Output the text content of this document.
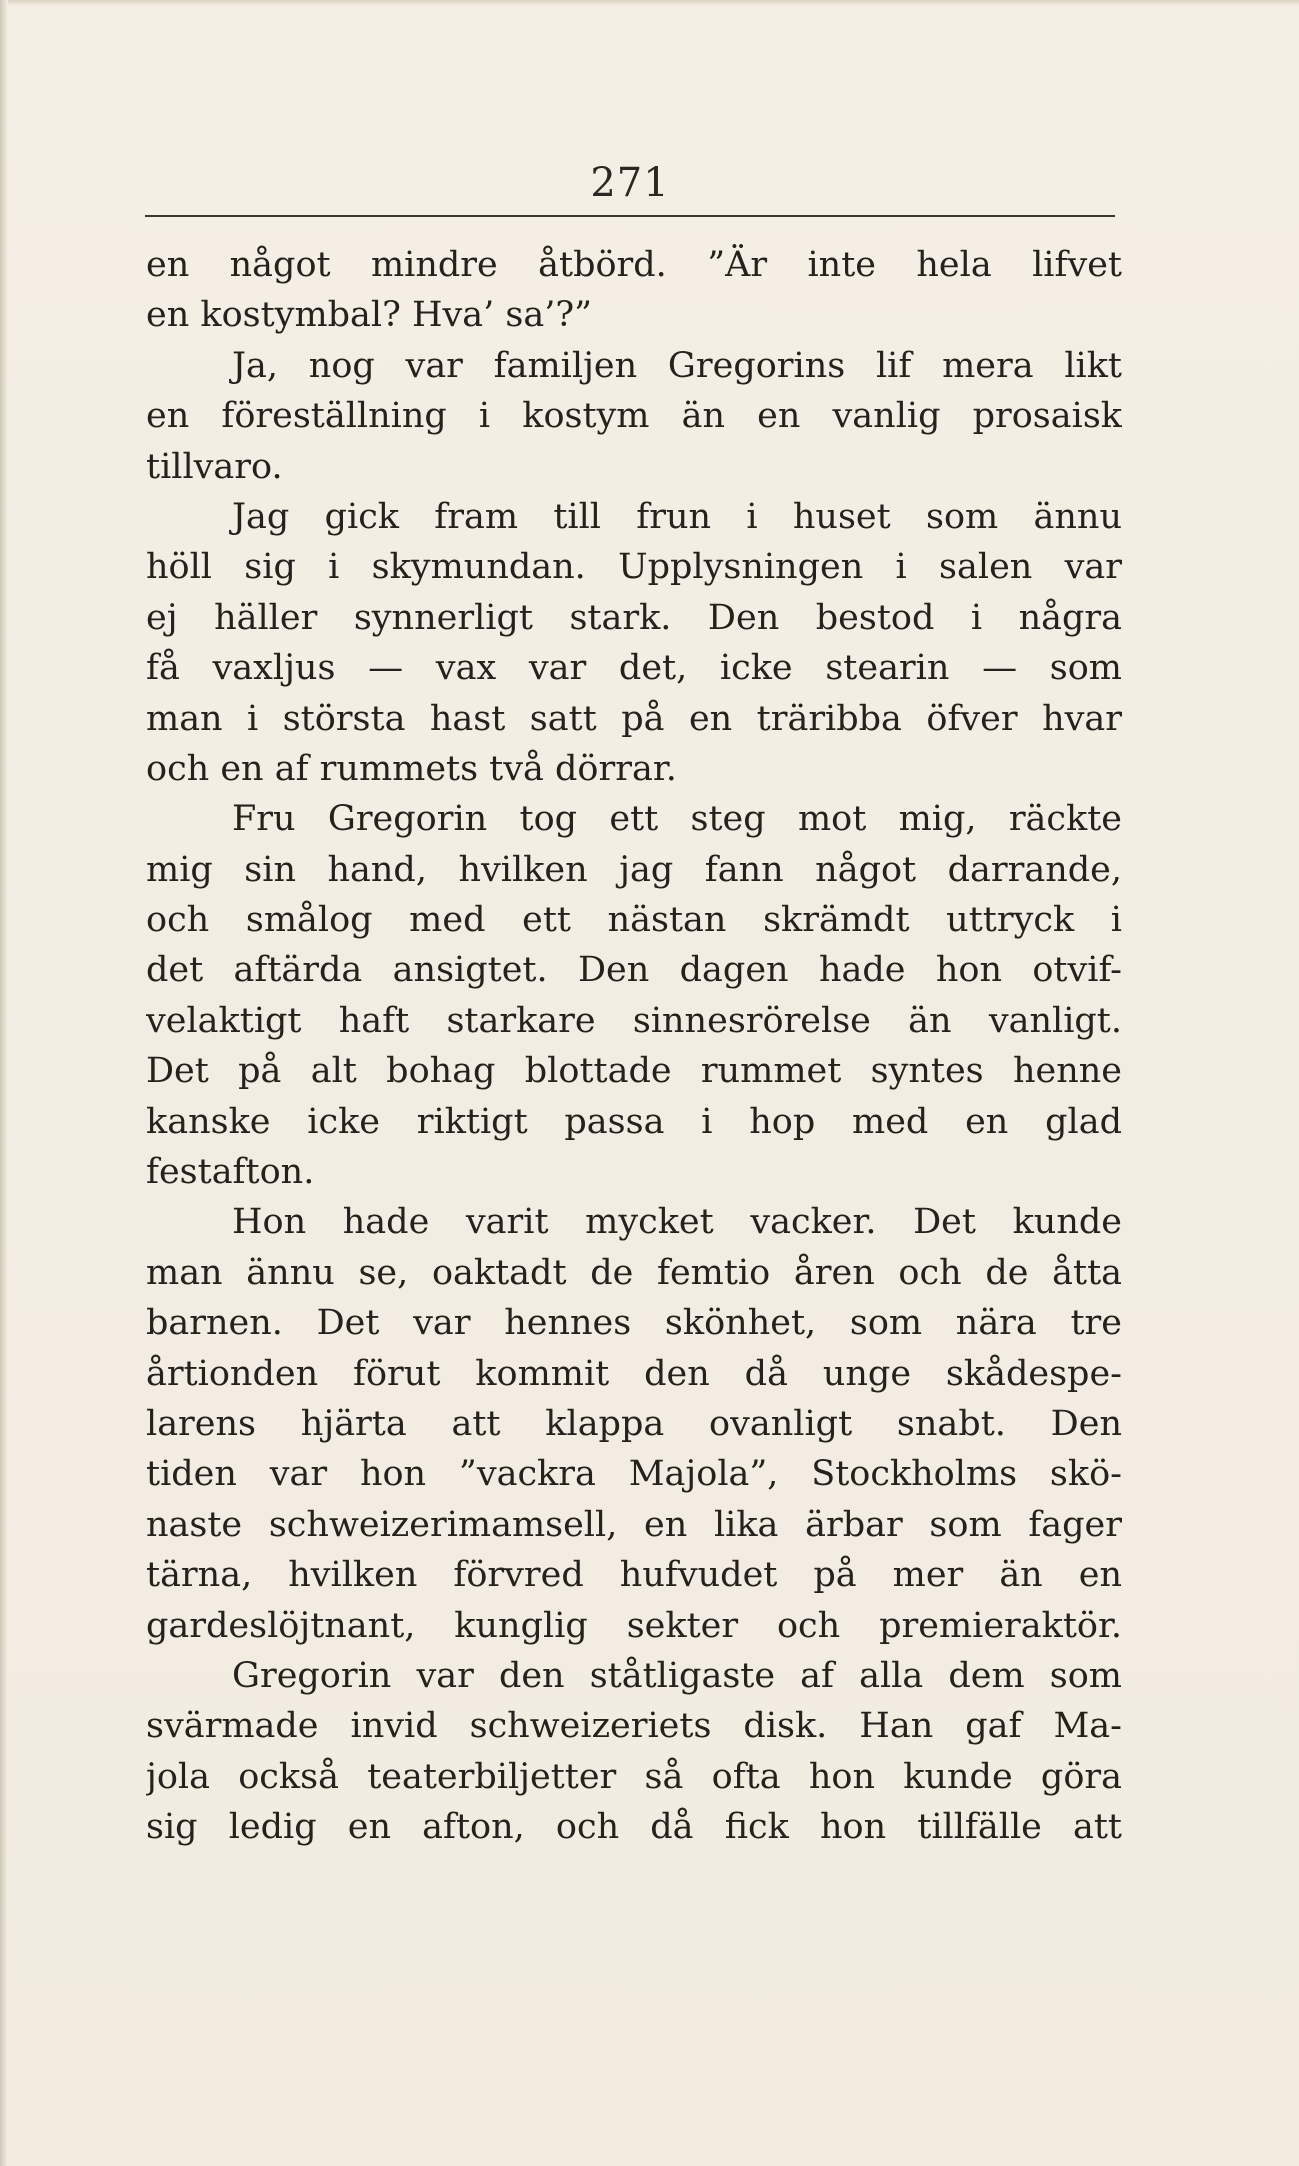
271
en något mindre åtbörd. ”Är inte hela lifvet
en kostymbal? Hva’ sa’?”
Ja, nog var familjen Gregorins lif mera likt
en föreställning i kostym än en vanlig prosaisk
tillvaro.
Jag gick fram till frun i huset som ännu
höll sig i skymundan. Upplysningen i salen var
ej häller synnerligt stark. Den bestod i några
få vaxljus — vax var det, icke stearin — som
man i största hast satt på en träribba öfver hvar
och en af rummets två dörrar.
Fru Gregorin tog ett steg mot mig, räckte
mig sin hand, hvilken jag fann något darrande,
och smålog med ett nästan skrämdt uttryck i
det aftärda ansigtet. Den dagen hade hon otvif-
velaktigt haft starkare sinnesrörelse än vanligt.
Det på alt bohag blottade rummet syntes henne
kanske icke riktigt passa i hop med en glad
festafton.
Hon hade varit mycket vacker. Det kunde
man ännu se, oaktadt de femtio åren och de åtta
barnen. Det var hennes skönhet, som nära tre
årtionden förut kommit den då unge skådespe-
larens hjärta att klappa ovanligt snabt. Den
tiden var hon ”vackra Majola”, Stockholms skö-
naste schweizerimamsell, en lika ärbar som fager
tärna, hvilken förvred hufvudet på mer än en
gardeslöjtnant, kunglig sekter och premieraktör.
Gregorin var den ståtligaste af alla dem som
svärmade invid schweizeriets disk. Han gaf Ma-
jola också teaterbiljetter så ofta hon kunde göra
sig ledig en afton, och då fick hon tillfälle att
